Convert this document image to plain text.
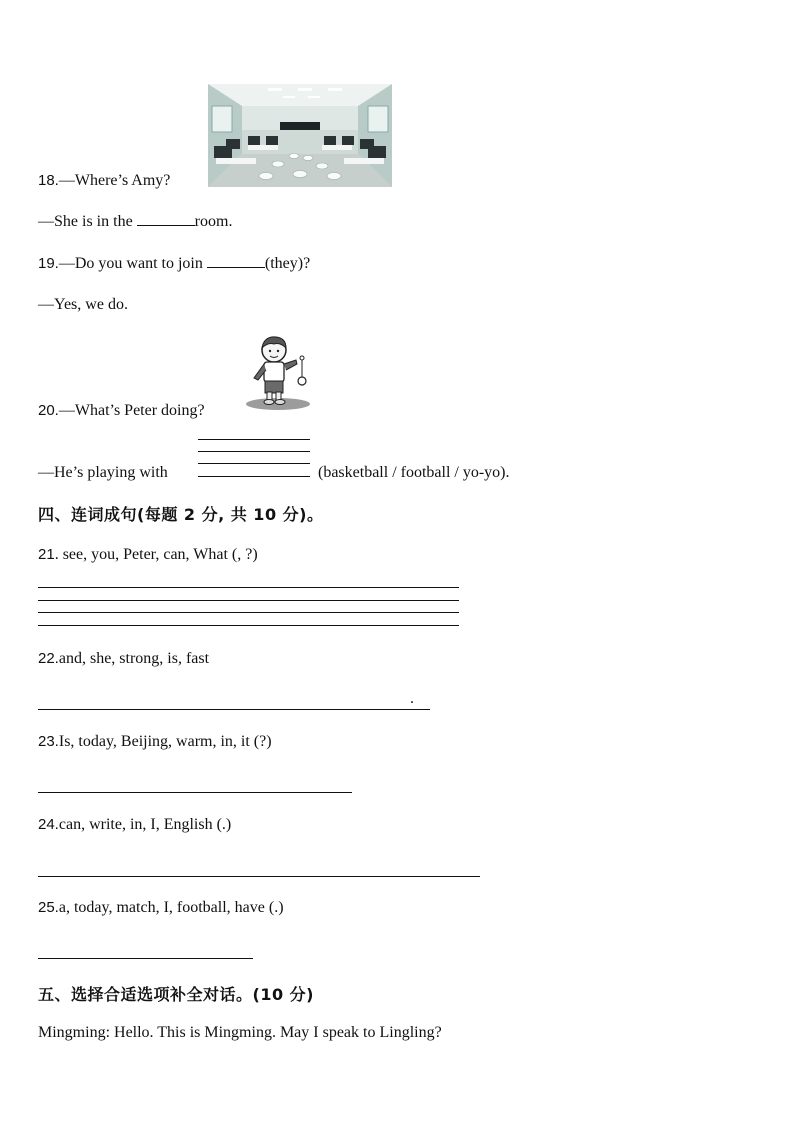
18.—Where’s Amy?
—She is in the	room.
19.—Do you want to join	(they)?
—Yes, we do.
20.—What’s Peter doing?
—He’s playing with	(basketball / football / yo-yo).
四、连词成句(每题 2 分, 共 10 分)。
21. see, you, Peter, can, What (, ?)
22.and, she, strong, is, fast
.
23.Is, today, Beijing, warm, in, it (?)
24.can, write, in, I, English (.)
25.a, today, match, I, football, have (.)
五、选择合适选项补全对话。(10 分)
Mingming: Hello. This is Mingming. May I speak to Lingling?
